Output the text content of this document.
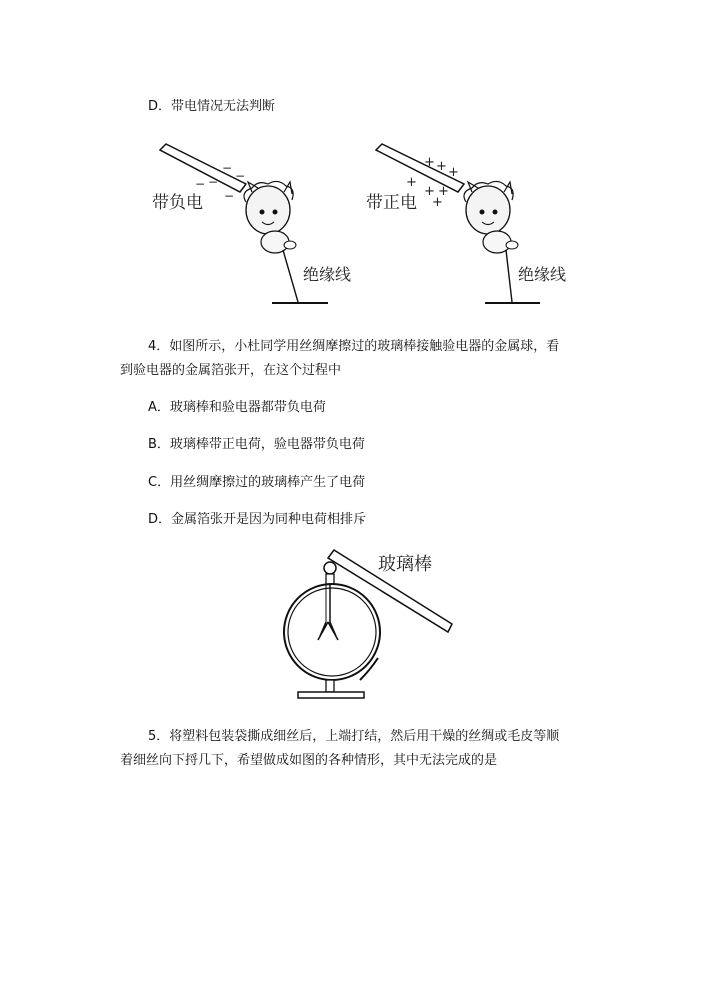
D．带电情况无法判断
−
−
−
−
−
带负电
绝缘线
+ + +
+
+ +
+
带正电
绝缘线
4．如图所示，小杜同学用丝绸摩擦过的玻璃棒接触验电器的金属球，看
到验电器的金属箔张开，在这个过程中
A．玻璃棒和验电器都带负电荷
B．玻璃棒带正电荷，验电器带负电荷
C．用丝绸摩擦过的玻璃棒产生了电荷
D．金属箔张开是因为同种电荷相排斥
玻璃棒
5．将塑料包装袋撕成细丝后，上端打结，然后用干燥的丝绸或毛皮等顺
着细丝向下捋几下，希望做成如图的各种情形，其中无法完成的是
